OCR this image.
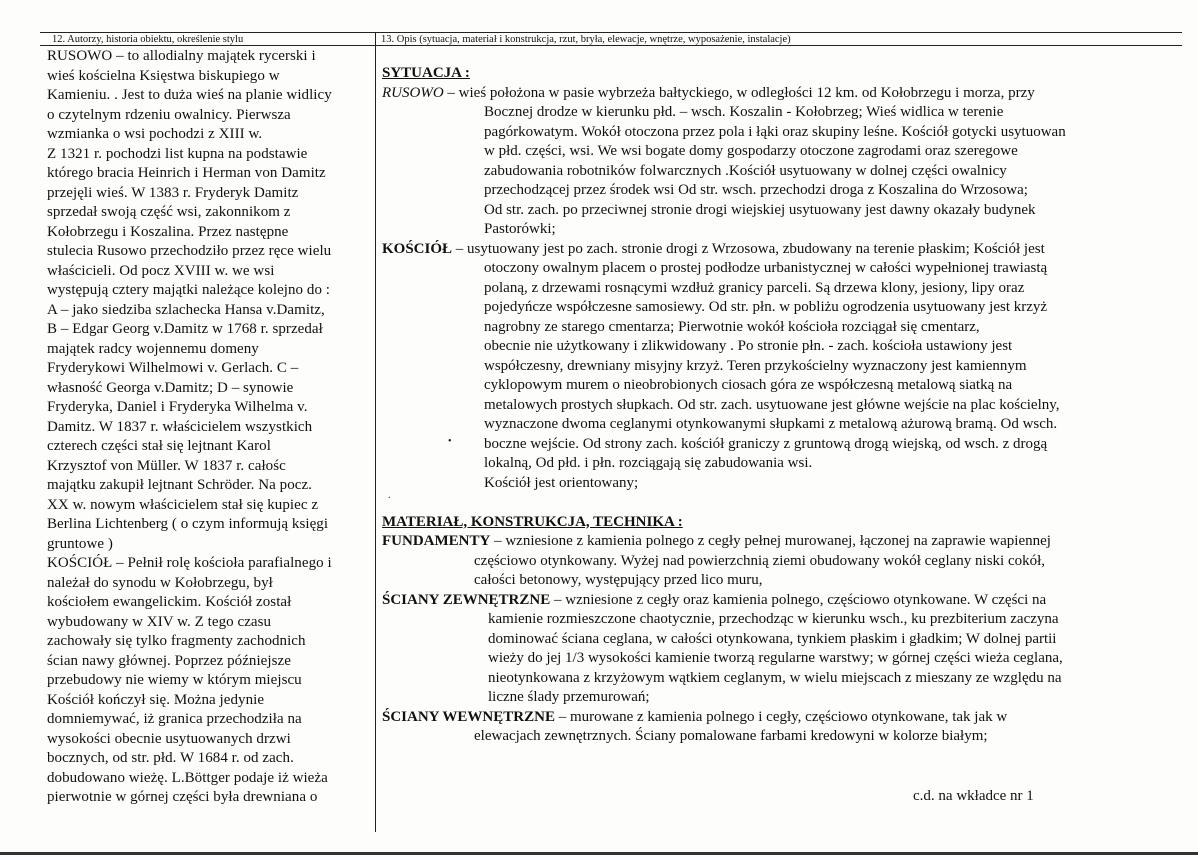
12. Autorzy, historia obiektu, określenie stylu	13. Opis (sytuacja, materiał i konstrukcja, rzut, bryła, elewacje, wnętrze, wyposażenie, instalacje)
RUSOWO – to allodialny majątek rycerski i
wieś kościelna Księstwa biskupiego w
Kamieniu. . Jest to duża wieś na planie widlicy
o czytelnym rdzeniu owalnicy. Pierwsza
wzmianka o wsi pochodzi z XIII w.
Z 1321 r. pochodzi list kupna na podstawie
którego bracia Heinrich i Herman von Damitz
przejęli wieś. W 1383 r. Fryderyk Damitz
sprzedał swoją część wsi, zakonnikom z
Kołobrzegu i Koszalina. Przez następne
stulecia Rusowo przechodziło przez ręce wielu
właścicieli. Od pocz XVIII w. we wsi
występują cztery majątki należące kolejno do :
A – jako siedziba szlachecka Hansa v.Damitz,
B – Edgar Georg v.Damitz w 1768 r. sprzedał
majątek radcy wojennemu domeny
Fryderykowi Wilhelmowi v. Gerlach. C –
własność Georga v.Damitz; D – synowie
Fryderyka, Daniel i Fryderyka Wilhelma v.
Damitz. W 1837 r. właścicielem wszystkich
czterech części stał się lejtnant Karol
Krzysztof von Müller. W 1837 r. całośc
majątku zakupił lejtnant Schröder. Na pocz.
XX w. nowym właścicielem stał się kupiec z
Berlina Lichtenberg ( o czym informują księgi
gruntowe )
KOŚCIÓŁ – Pełnił rolę kościoła parafialnego i
należał do synodu w Kołobrzegu, był
kościołem ewangelickim. Kościół został
wybudowany w XIV w. Z tego czasu
zachowały się tylko fragmenty zachodnich
ścian nawy głównej. Poprzez późniejsze
przebudowy nie wiemy w którym miejscu
Kościół kończył się. Można jedynie
domniemywać, iż granica przechodziła na
wysokości obecnie usytuowanych drzwi
bocznych, od str. płd. W 1684 r. od zach.
dobudowano wieżę. L.Böttger podaje iż wieża
pierwotnie w górnej części była drewniana o
SYTUACJA :
RUSOWO – wieś położona w pasie wybrzeża bałtyckiego, w odległości 12 km. od Kołobrzegu i morza, przy
Bocznej drodze w kierunku płd. – wsch. Koszalin - Kołobrzeg; Wieś widlica w terenie
pagórkowatym. Wokół otoczona przez pola i łąki oraz skupiny leśne. Kościół gotycki usytuowan
w płd. części, wsi. We wsi bogate domy gospodarzy otoczone zagrodami oraz szeregowe
zabudowania robotników folwarcznych .Kościół usytuowany w dolnej części owalnicy
przechodzącej przez środek wsi Od str. wsch. przechodzi droga z Koszalina do Wrzosowa;
Od str. zach. po przeciwnej stronie drogi wiejskiej usytuowany jest dawny okazały budynek
Pastorówki;
KOŚCIÓŁ – usytuowany jest po zach. stronie drogi z Wrzosowa, zbudowany na terenie płaskim; Kościół jest
otoczony owalnym placem o prostej podłodze urbanistycznej w całości wypełnionej trawiastą
polaną, z drzewami rosnącymi wzdłuż granicy parceli. Są drzewa klony, jesiony, lipy oraz
pojedyńcze współczesne samosiewy. Od str. płn. w pobliżu ogrodzenia usytuowany jest krzyż
nagrobny ze starego cmentarza; Pierwotnie wokół kościoła rozciągał się cmentarz,
obecnie nie użytkowany i zlikwidowany . Po stronie płn. - zach. kościoła ustawiony jest
współczesny, drewniany misyjny krzyż. Teren przykościelny wyznaczony jest kamiennym
cyklopowym murem o nieobrobionych ciosach góra ze współczesną metalową siatką na
metalowych prostych słupkach. Od str. zach. usytuowane jest główne wejście na plac kościelny,
wyznaczone dwoma ceglanymi otynkowanymi słupkami z metalową ażurową bramą. Od wsch.
boczne wejście. Od strony zach. kościół graniczy z gruntową drogą wiejską, od wsch. z drogą
lokalną, Od płd. i płn. rozciągają się zabudowania wsi.
Kościół jest orientowany;
MATERIAŁ, KONSTRUKCJA, TECHNIKA :
FUNDAMENTY – wzniesione z kamienia polnego z cegły pełnej murowanej, łączonej na zaprawie wapiennej
częściowo otynkowany. Wyżej nad powierzchnią ziemi obudowany wokół ceglany niski cokół,
całości betonowy, występujący przed lico muru,
ŚCIANY ZEWNĘTRZNE – wzniesione z cegły oraz kamienia polnego, częściowo otynkowane. W części na
kamienie rozmieszczone chaotycznie, przechodząc w kierunku wsch., ku prezbiterium zaczyna
dominować ściana ceglana, w całości otynkowana, tynkiem płaskim i gładkim; W dolnej partii
wieży do jej 1/3 wysokości kamienie tworzą regularne warstwy; w górnej części wieża ceglana,
nieotynkowana z krzyżowym wątkiem ceglanym, w wielu miejscach z mieszany ze względu na
liczne ślady przemurowań;
ŚCIANY WEWNĘTRZNE – murowane z kamienia polnego i cegły, częściowo otynkowane, tak jak w
elewacjach zewnętrznych. Ściany pomalowane farbami kredowyni w kolorze białym;
c.d. na wkładce nr 1
•
.
